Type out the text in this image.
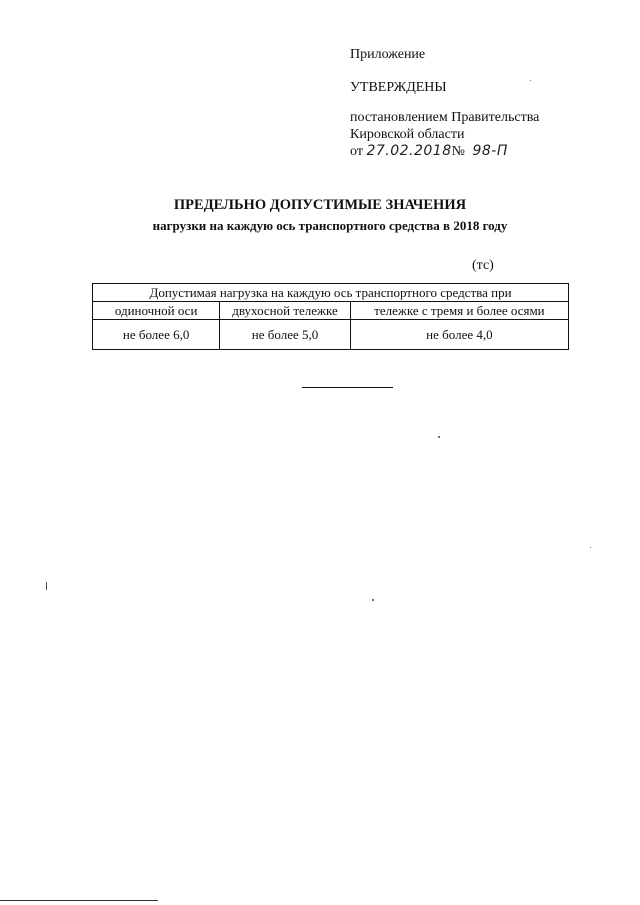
Приложение
УТВЕРЖДЕНЫ
постановлением Правительства
Кировской области
от 27.02.2018№ 98-П
ПРЕДЕЛЬНО ДОПУСТИМЫЕ ЗНАЧЕНИЯ
нагрузки на каждую ось транспортного средства в 2018 году
(тс)
Допустимая нагрузка на каждую ось транспортного средства при		
одиночной оси	двухосной тележке	тележке с тремя и более осями
не более 6,0	не более 5,0	не более 4,0
